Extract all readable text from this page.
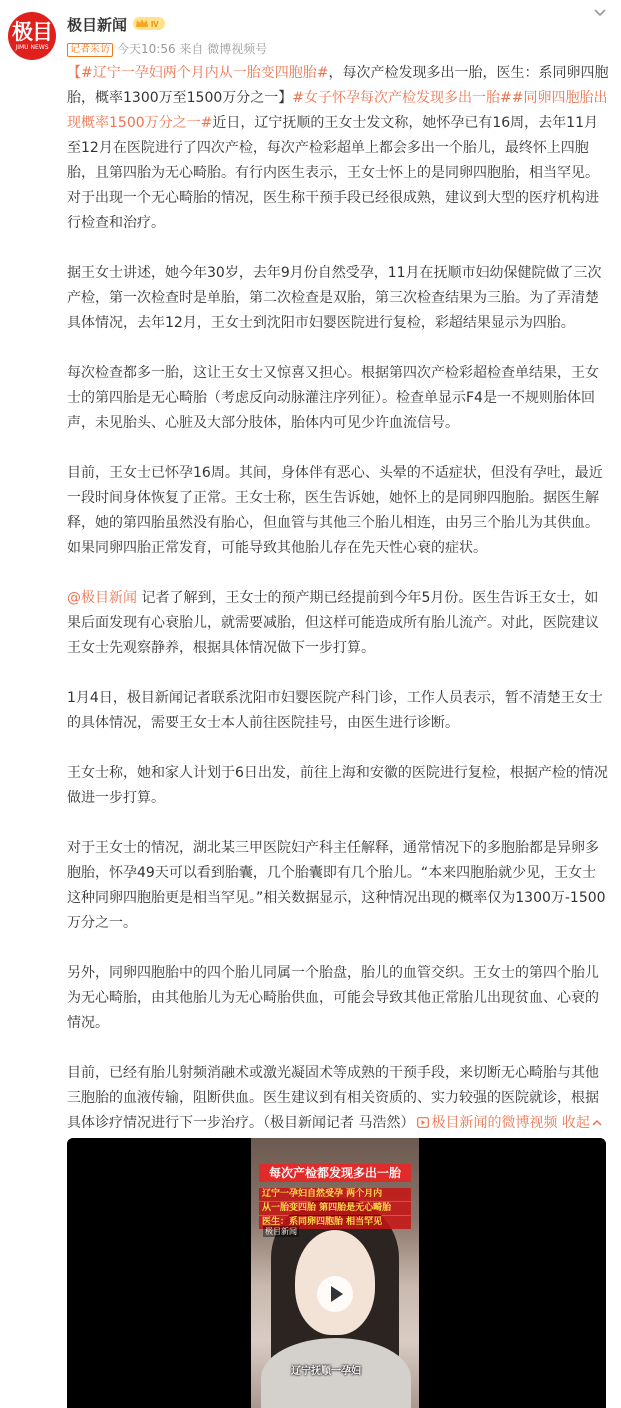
极目
JIMU NEWS
极目新闻	IV
记者采访 今天10:56 来自 微博视频号

【#辽宁一孕妇两个月内从一胎变四胞胎#，每次产检发现多出一胎，医生：系同卵四胞胎，概率1300万至1500万分之一】#女子怀孕每次产检发现多出一胎##同卵四胞胎出现概率1500万分之一#近日，辽宁抚顺的王女士发文称，她怀孕已有16周，去年11月至12月在医院进行了四次产检，每次产检彩超单上都会多出一个胎儿，最终怀上四胞胎，且第四胎为无心畸胎。有行内医生表示，王女士怀上的是同卵四胞胎，相当罕见。对于出现一个无心畸胎的情况，医生称干预手段已经很成熟，建议到大型的医疗机构进行检查和治疗。

据王女士讲述，她今年30岁，去年9月份自然受孕，11月在抚顺市妇幼保健院做了三次产检，第一次检查时是单胎，第二次检查是双胎，第三次检查结果为三胎。为了弄清楚具体情况，去年12月，王女士到沈阳市妇婴医院进行复检，彩超结果显示为四胎。

每次检查都多一胎，这让王女士又惊喜又担心。根据第四次产检彩超检查单结果，王女士的第四胎是无心畸胎（考虑反向动脉灌注序列征）。检查单显示F4是一不规则胎体回声，未见胎头、心脏及大部分肢体，胎体内可见少许血流信号。

目前，王女士已怀孕16周。其间，身体伴有恶心、头晕的不适症状，但没有孕吐，最近一段时间身体恢复了正常。王女士称，医生告诉她，她怀上的是同卵四胞胎。据医生解释，她的第四胎虽然没有胎心，但血管与其他三个胎儿相连，由另三个胎儿为其供血。如果同卵四胎正常发育，可能导致其他胎儿存在先天性心衰的症状。

@极目新闻 记者了解到，王女士的预产期已经提前到今年5月份。医生告诉王女士，如果后面发现有心衰胎儿，就需要减胎，但这样可能造成所有胎儿流产。对此，医院建议王女士先观察静养，根据具体情况做下一步打算。

1月4日，极目新闻记者联系沈阳市妇婴医院产科门诊，工作人员表示，暂不清楚王女士的具体情况，需要王女士本人前往医院挂号，由医生进行诊断。

王女士称，她和家人计划于6日出发，前往上海和安徽的医院进行复检，根据产检的情况做进一步打算。

对于王女士的情况，湖北某三甲医院妇产科主任解释，通常情况下的多胞胎都是异卵多胞胎，怀孕49天可以看到胎囊，几个胎囊即有几个胎儿。“本来四胞胎就少见，王女士这种同卵四胞胎更是相当罕见。”相关数据显示，这种情况出现的概率仅为1300万-1500万分之一。

另外，同卵四胞胎中的四个胎儿同属一个胎盘，胎儿的血管交织。王女士的第四个胎儿为无心畸胎，由其他胎儿为无心畸胎供血，可能会导致其他正常胎儿出现贫血、心衰的情况。

目前，已经有胎儿射频消融术或激光凝固术等成熟的干预手段，来切断无心畸胎与其他三胞胎的血液传输，阻断供血。医生建议到有相关资质的、实力较强的医院就诊，根据具体诊疗情况进行下一步治疗。（极目新闻记者 马浩然） 极目新闻的微博视频 收起

每次产检都发现多出一胎
辽宁一孕妇自然受孕 两个月内
从一胎变四胎 第四胎是无心畸胎
医生：系同卵四胞胎 相当罕见
极目新闻
辽宁抚顺一孕妇
